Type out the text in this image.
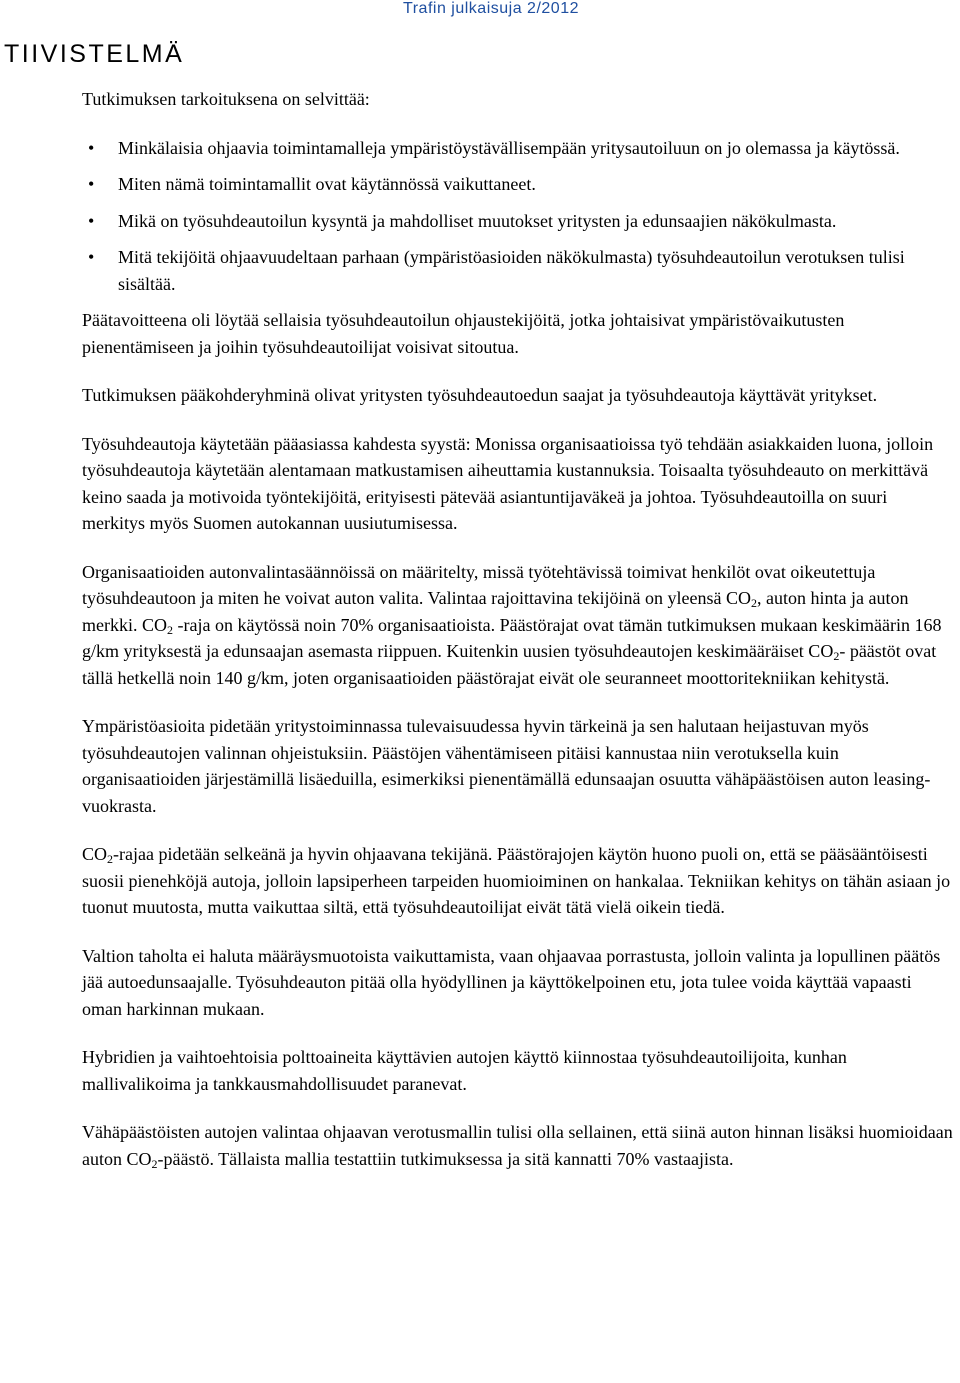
Trafin julkaisuja 2/2012
TIIVISTELMÄ

Tutkimuksen tarkoituksena on selvittää:

• Minkälaisia ohjaavia toimintamalleja ympäristöystävällisempään yritysautoiluun on jo olemassa ja käytössä.
• Miten nämä toimintamallit ovat käytännössä vaikuttaneet.
• Mikä on työsuhdeautoilun kysyntä ja mahdolliset muutokset yritysten ja edunsaajien näkökulmasta.
• Mitä tekijöitä ohjaavuudeltaan parhaan (ympäristöasioiden näkökulmasta) työsuhdeautoilun verotuksen tulisi sisältää.

Päätavoitteena oli löytää sellaisia työsuhdeautoilun ohjaustekijöitä, jotka johtaisivat ympäristövaikutusten pienentämiseen ja joihin työsuhdeautoilijat voisivat sitoutua.

Tutkimuksen pääkohderyhminä olivat yritysten työsuhdeautoedun saajat ja työsuhdeautoja käyttävät yritykset.

Työsuhdeautoja käytetään pääasiassa kahdesta syystä: Monissa organisaatioissa työ tehdään asiakkaiden luona, jolloin työsuhdeautoja käytetään alentamaan matkustamisen aiheuttamia kustannuksia. Toisaalta työsuhdeauto on merkittävä keino saada ja motivoida työntekijöitä, erityisesti pätevää asiantuntijaväkeä ja johtoa. Työsuhdeautoilla on suuri merkitys myös Suomen autokannan uusiutumisessa.

Organisaatioiden autonvalintasäännöissä on määritelty, missä työtehtävissä toimivat henkilöt ovat oikeutettuja työsuhdeautoon ja miten he voivat auton valita. Valintaa rajoittavina tekijöinä on yleensä $CO_2$, auton hinta ja auton merkki. $CO_2$ -raja on käytössä noin 70% organisaatioista. Päästörajat ovat tämän tutkimuksen mukaan keskimäärin 168 g/km yrityksestä ja edunsaajan asemasta riippuen. Kuitenkin uusien työsuhdeautojen keskimääräiset $CO_2-$ päästöt ovat tällä hetkellä noin 140 g/km, joten organisaatioiden päästörajat eivät ole seuranneet moottoritekniikan kehitystä.

Ympäristöasioita pidetään yritystoiminnassa tulevaisuudessa hyvin tärkeinä ja sen halutaan heijastuvan myös työsuhdeautojen valinnan ohjeistuksiin. Päästöjen vähentämiseen pitäisi kannustaa niin verotuksella kuin organisaatioiden järjestämillä lisäeduilla, esimerkiksi pienentämällä edunsaajan osuutta vähäpäästöisen auton leasing-vuokrasta.

$CO_2$-rajaa pidetään selkeänä ja hyvin ohjaavana tekijänä. Päästörajojen käytön huono puoli on, että se pääsääntöisesti suosii pienehköjä autoja, jolloin lapsiperheen tarpeiden huomioiminen on hankalaa. Tekniikan kehitys on tähän asiaan jo tuonut muutosta, mutta vaikuttaa siltä, että työsuhdeautoilijat eivät tätä vielä oikein tiedä.

Valtion taholta ei haluta määräysmuotoista vaikuttamista, vaan ohjaavaa porrastusta, jolloin valinta ja lopullinen päätös jää autoedunsaajalle. Työsuhdeauton pitää olla hyödyllinen ja käyttökelpoinen etu, jota tulee voida käyttää vapaasti oman harkinnan mukaan.

Hybridien ja vaihtoehtoisia polttoaineita käyttävien autojen käyttö kiinnostaa työsuhdeautoilijoita, kunhan mallivalikoima ja tankkausmahdollisuudet paranevat.

Vähäpäästöisten autojen valintaa ohjaavan verotusmallin tulisi olla sellainen, että siinä auton hinnan lisäksi huomioidaan auton $CO_2$-päästö. Tällaista mallia testattiin tutkimuksessa ja sitä kannatti 70% vastaajista.
